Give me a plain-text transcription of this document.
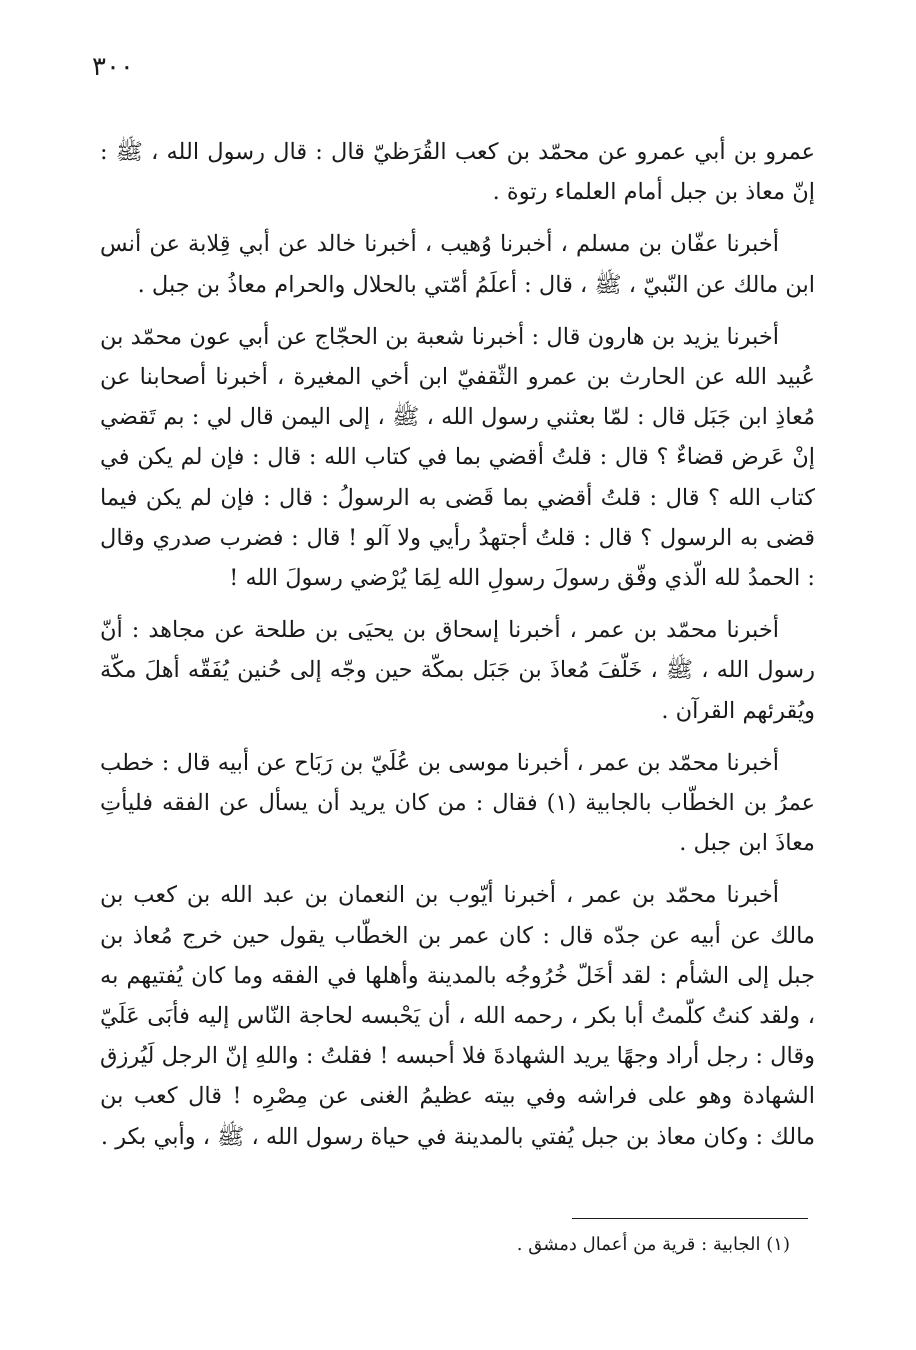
٣٠٠

عمرو بن أبي عمرو عن محمّد بن كعب القُرَظيّ قال : قال رسول الله ، ﷺ : إنّ معاذ بن جبل أمام العلماء رتوة .

أخبرنا عفّان بن مسلم ، أخبرنا وُهيب ، أخبرنا خالد عن أبي قِلابة عن أنس ابن مالك عن النّبيّ ، ﷺ ، قال : أعلَمُ أمّتي بالحلال والحرام معاذُ بن جبل .

أخبرنا يزيد بن هارون قال : أخبرنا شعبة بن الحجّاج عن أبي عون محمّد بن عُبيد الله عن الحارث بن عمرو الثّقفيّ ابن أخي المغيرة ، أخبرنا أصحابنا عن مُعاذِ ابن جَبَل قال : لمّا بعثني رسول الله ، ﷺ ، إلى اليمن قال لي : بم تَقضي إنْ عَرض قضاءٌ ؟ قال : قلتُ أقضي بما في كتاب الله : قال : فإن لم يكن في كتاب الله ؟ قال : قلتُ أقضي بما قَضى به الرسولُ : قال : فإن لم يكن فيما قضى به الرسول ؟ قال : قلتُ أجتهدُ رأيي ولا آلو ! قال : فضرب صدري وقال : الحمدُ لله الّذي وفّق رسولَ رسولِ الله لِمَا يُرْضي رسولَ الله !

أخبرنا محمّد بن عمر ، أخبرنا إسحاق بن يحيَى بن طلحة عن مجاهد : أنّ رسول الله ، ﷺ ، خَلّفَ مُعاذَ بن جَبَل بمكّة حين وجّه إلى حُنين يُفَقّه أهلَ مكّة ويُقرئهم القرآن .

أخبرنا محمّد بن عمر ، أخبرنا موسى بن عُلَيّ بن رَبَاح عن أبيه قال : خطب عمرُ بن الخطّاب بالجابية (١) فقال : من كان يريد أن يسأل عن الفقه فليأتِ معاذَ ابن جبل .

أخبرنا محمّد بن عمر ، أخبرنا أيّوب بن النعمان بن عبد الله بن كعب بن مالك عن أبيه عن جدّه قال : كان عمر بن الخطّاب يقول حين خرج مُعاذ بن جبل إلى الشأم : لقد أخَلّ خُرُوجُه بالمدينة وأهلها في الفقه وما كان يُفتيهم به ، ولقد كنتُ كلّمتُ أبا بكر ، رحمه الله ، أن يَحْبسه لحاجة النّاس إليه فأبَى عَلَيّ وقال : رجل أراد وجهًا يريد الشهادةَ فلا أحبسه ! فقلتُ : واللهِ إنّ الرجل لَيُرزق الشهادة وهو على فراشه وفي بيته عظيمُ الغنى عن مِصْرِه ! قال كعب بن مالك : وكان معاذ بن جبل يُفتي بالمدينة في حياة رسول الله ، ﷺ ، وأبي بكر .

(١) الجابية : قرية من أعمال دمشق .
